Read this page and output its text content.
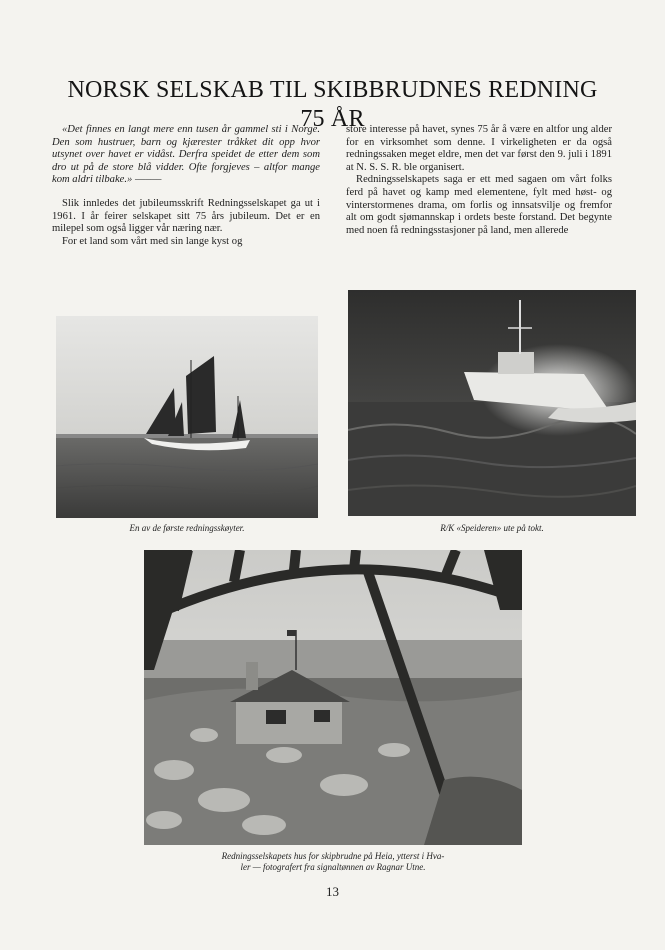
NORSK SELSKAB TIL SKIBBRUDNES REDNING
75 ÅR

«Det finnes en langt mere enn tusen år gammel sti i Norge. Den som hustruer, barn og kjærester tråkket dit opp hvor utsynet over havet er vidåst. Derfra speidet de etter dem som dro ut på de store blå vidder. Ofte forgjeves – altfor mange kom aldri tilbake.» –––––

Slik innledes det jubileumsskrift Redningsselskapet ga ut i 1961. I år feirer selskapet sitt 75 års jubileum. Det er en milepel som også ligger vår næring nær.

For et land som vårt med sin lange kyst og

store interesse på havet, synes 75 år å være en altfor ung alder for en virksomhet som denne. I virkeligheten er da også redningssaken meget eldre, men det var først den 9. juli i 1891 at N. S. S. R. ble organisert.

Redningsselskapets saga er ett med sagaen om vårt folks ferd på havet og kamp med elementene, fylt med høst- og vinterstormenes drama, om forlis og innsatsvilje og fremfor alt om godt sjømannskap i ordets beste forstand. Det begynte med noen få redningsstasjoner på land, men allerede

En av de første redningsskøyter.	R/K «Speideren» ute på tokt.
Redningsselskapets hus for skipbrudne på Heia, ytterst i Hva-
ler — fotografert fra signaltønnen av Ragnar Utne.
13
